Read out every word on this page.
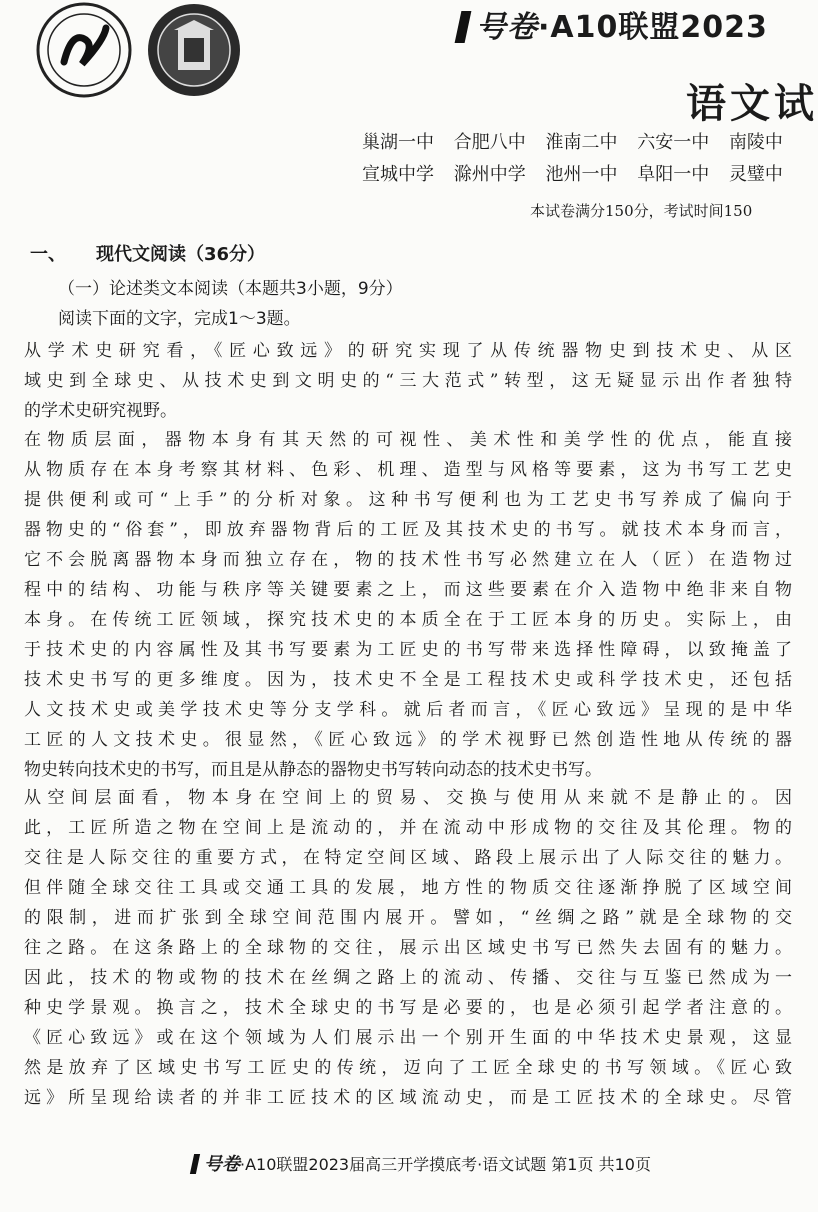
号卷·A10联盟2023
语文试
巢湖一中 合肥八中 淮南二中 六安一中 南陵中
宣城中学 滁州中学 池州一中 阜阳一中 灵璧中
本试卷满分150分，考试时间150
一、 现代文阅读（36分）
（一）论述类文本阅读（本题共3小题，9分）
阅读下面的文字，完成1～3题。
从学术史研究看，《匠心致远》的研究实现了从传统器物史到技术史、从区
域史到全球史、从技术史到文明史的“三大范式”转型，这无疑显示出作者独特
的学术史研究视野。
在物质层面，器物本身有其天然的可视性、美术性和美学性的优点，能直接
从物质存在本身考察其材料、色彩、机理、造型与风格等要素，这为书写工艺史
提供便利或可“上手”的分析对象。这种书写便利也为工艺史书写养成了偏向于
器物史的“俗套”，即放弃器物背后的工匠及其技术史的书写。就技术本身而言，
它不会脱离器物本身而独立存在，物的技术性书写必然建立在人（匠）在造物过
程中的结构、功能与秩序等关键要素之上，而这些要素在介入造物中绝非来自物
本身。在传统工匠领域，探究技术史的本质全在于工匠本身的历史。实际上，由
于技术史的内容属性及其书写要素为工匠史的书写带来选择性障碍，以致掩盖了
技术史书写的更多维度。因为，技术史不全是工程技术史或科学技术史，还包括
人文技术史或美学技术史等分支学科。就后者而言，《匠心致远》呈现的是中华
工匠的人文技术史。很显然，《匠心致远》的学术视野已然创造性地从传统的器
物史转向技术史的书写，而且是从静态的器物史书写转向动态的技术史书写。
从空间层面看，物本身在空间上的贸易、交换与使用从来就不是静止的。因
此，工匠所造之物在空间上是流动的，并在流动中形成物的交往及其伦理。物的
交往是人际交往的重要方式，在特定空间区域、路段上展示出了人际交往的魅力。
但伴随全球交往工具或交通工具的发展，地方性的物质交往逐渐挣脱了区域空间
的限制，进而扩张到全球空间范围内展开。譬如，“丝绸之路”就是全球物的交
往之路。在这条路上的全球物的交往，展示出区域史书写已然失去固有的魅力。
因此，技术的物或物的技术在丝绸之路上的流动、传播、交往与互鉴已然成为一
种史学景观。换言之，技术全球史的书写是必要的，也是必须引起学者注意的。
《匠心致远》或在这个领域为人们展示出一个别开生面的中华技术史景观，这显
然是放弃了区域史书写工匠史的传统，迈向了工匠全球史的书写领域。《匠心致
远》所呈现给读者的并非工匠技术的区域流动史，而是工匠技术的全球史。尽管
号卷·A10联盟2023届高三开学摸底考·语文试题 第1页 共10页
